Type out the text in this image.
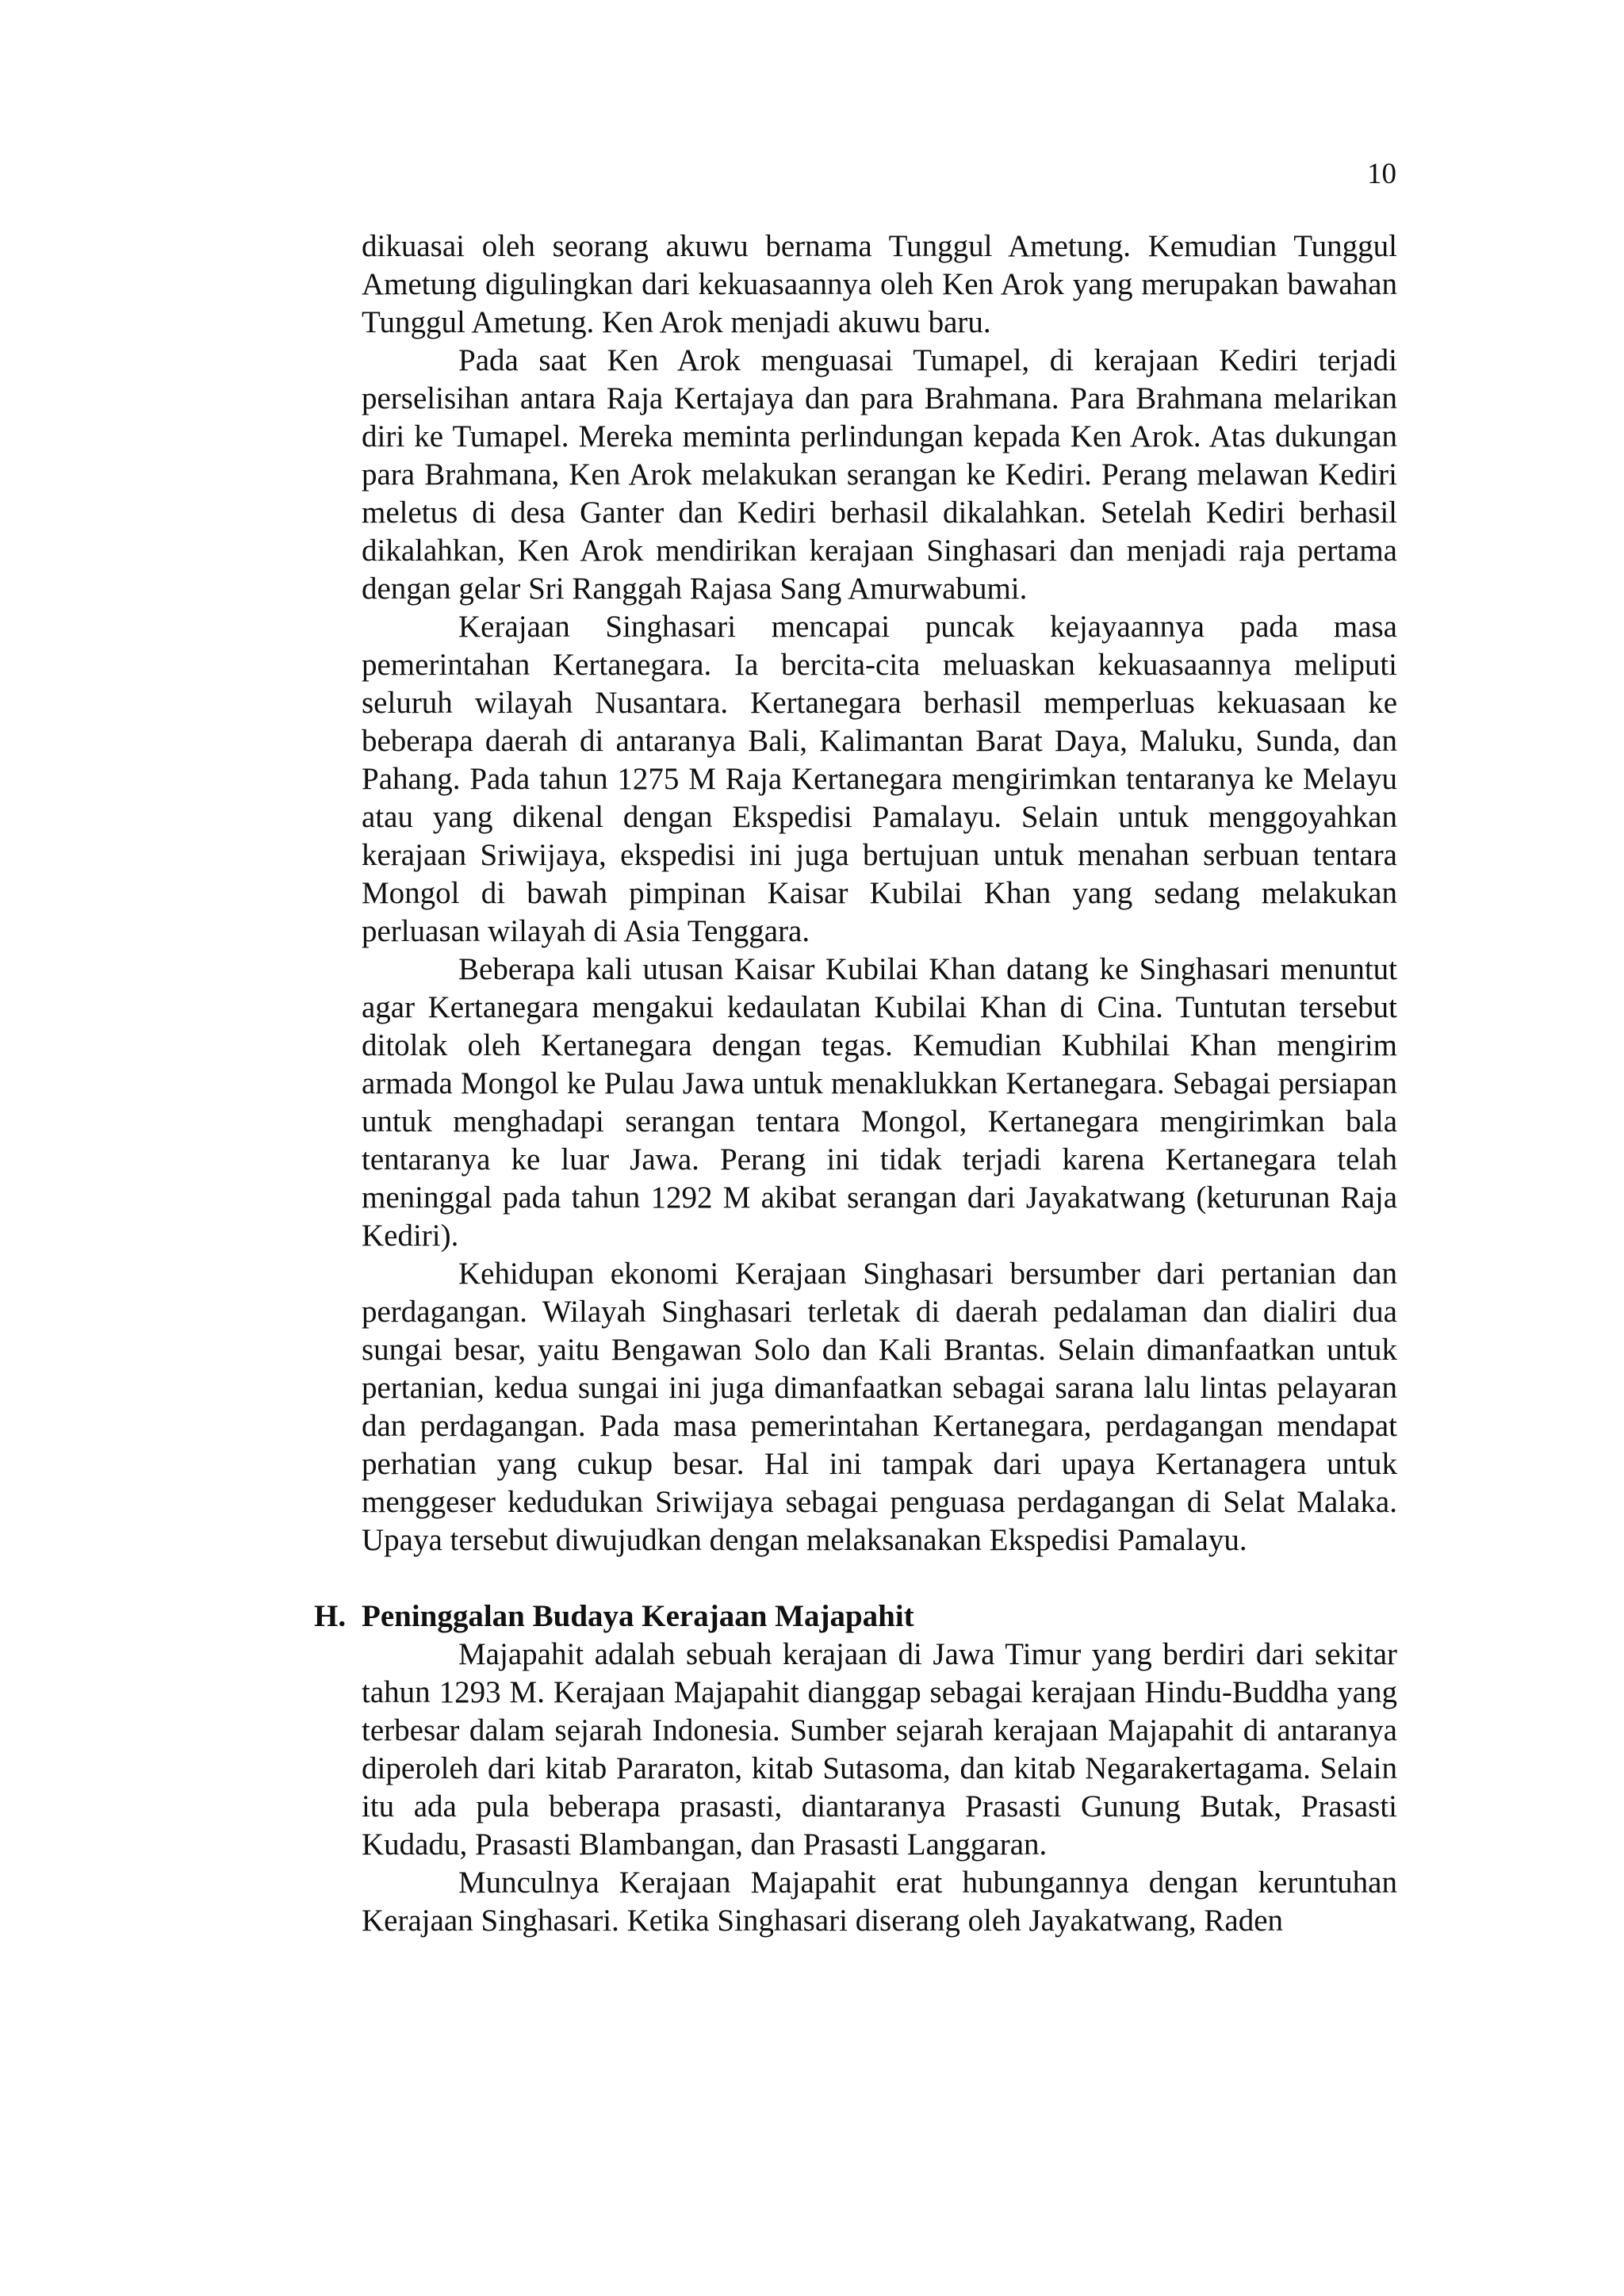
10

dikuasai oleh seorang akuwu bernama Tunggul Ametung. Kemudian Tunggul Ametung digulingkan dari kekuasaannya oleh Ken Arok yang merupakan bawahan Tunggul Ametung. Ken Arok menjadi akuwu baru.

Pada saat Ken Arok menguasai Tumapel, di kerajaan Kediri terjadi perselisihan antara Raja Kertajaya dan para Brahmana. Para Brahmana melarikan diri ke Tumapel. Mereka meminta perlindungan kepada Ken Arok. Atas dukungan para Brahmana, Ken Arok melakukan serangan ke Kediri. Perang melawan Kediri meletus di desa Ganter dan Kediri berhasil dikalahkan. Setelah Kediri berhasil dikalahkan, Ken Arok mendirikan kerajaan Singhasari dan menjadi raja pertama dengan gelar Sri Ranggah Rajasa Sang Amurwabumi.

Kerajaan Singhasari mencapai puncak kejayaannya pada masa pemerintahan Kertanegara. Ia bercita-cita meluaskan kekuasaannya meliputi seluruh wilayah Nusantara. Kertanegara berhasil memperluas kekuasaan ke beberapa daerah di antaranya Bali, Kalimantan Barat Daya, Maluku, Sunda, dan Pahang. Pada tahun 1275 M Raja Kertanegara mengirimkan tentaranya ke Melayu atau yang dikenal dengan Ekspedisi Pamalayu. Selain untuk menggoyahkan kerajaan Sriwijaya, ekspedisi ini juga bertujuan untuk menahan serbuan tentara Mongol di bawah pimpinan Kaisar Kubilai Khan yang sedang melakukan perluasan wilayah di Asia Tenggara.

Beberapa kali utusan Kaisar Kubilai Khan datang ke Singhasari menuntut agar Kertanegara mengakui kedaulatan Kubilai Khan di Cina. Tuntutan tersebut ditolak oleh Kertanegara dengan tegas. Kemudian Kubhilai Khan mengirim armada Mongol ke Pulau Jawa untuk menaklukkan Kertanegara. Sebagai persiapan untuk menghadapi serangan tentara Mongol, Kertanegara mengirimkan bala tentaranya ke luar Jawa. Perang ini tidak terjadi karena Kertanegara telah meninggal pada tahun 1292 M akibat serangan dari Jayakatwang (keturunan Raja Kediri).

Kehidupan ekonomi Kerajaan Singhasari bersumber dari pertanian dan perdagangan. Wilayah Singhasari terletak di daerah pedalaman dan dialiri dua sungai besar, yaitu Bengawan Solo dan Kali Brantas. Selain dimanfaatkan untuk pertanian, kedua sungai ini juga dimanfaatkan sebagai sarana lalu lintas pelayaran dan perdagangan. Pada masa pemerintahan Kertanegara, perdagangan mendapat perhatian yang cukup besar. Hal ini tampak dari upaya Kertanagera untuk menggeser kedudukan Sriwijaya sebagai penguasa perdagangan di Selat Malaka. Upaya tersebut diwujudkan dengan melaksanakan Ekspedisi Pamalayu.

H. Peninggalan Budaya Kerajaan Majapahit

Majapahit adalah sebuah kerajaan di Jawa Timur yang berdiri dari sekitar tahun 1293 M. Kerajaan Majapahit dianggap sebagai kerajaan Hindu-Buddha yang terbesar dalam sejarah Indonesia. Sumber sejarah kerajaan Majapahit di antaranya diperoleh dari kitab Pararaton, kitab Sutasoma, dan kitab Negarakertagama. Selain itu ada pula beberapa prasasti, diantaranya Prasasti Gunung Butak, Prasasti Kudadu, Prasasti Blambangan, dan Prasasti Langgaran.

Munculnya Kerajaan Majapahit erat hubungannya dengan keruntuhan Kerajaan Singhasari. Ketika Singhasari diserang oleh Jayakatwang, Raden
